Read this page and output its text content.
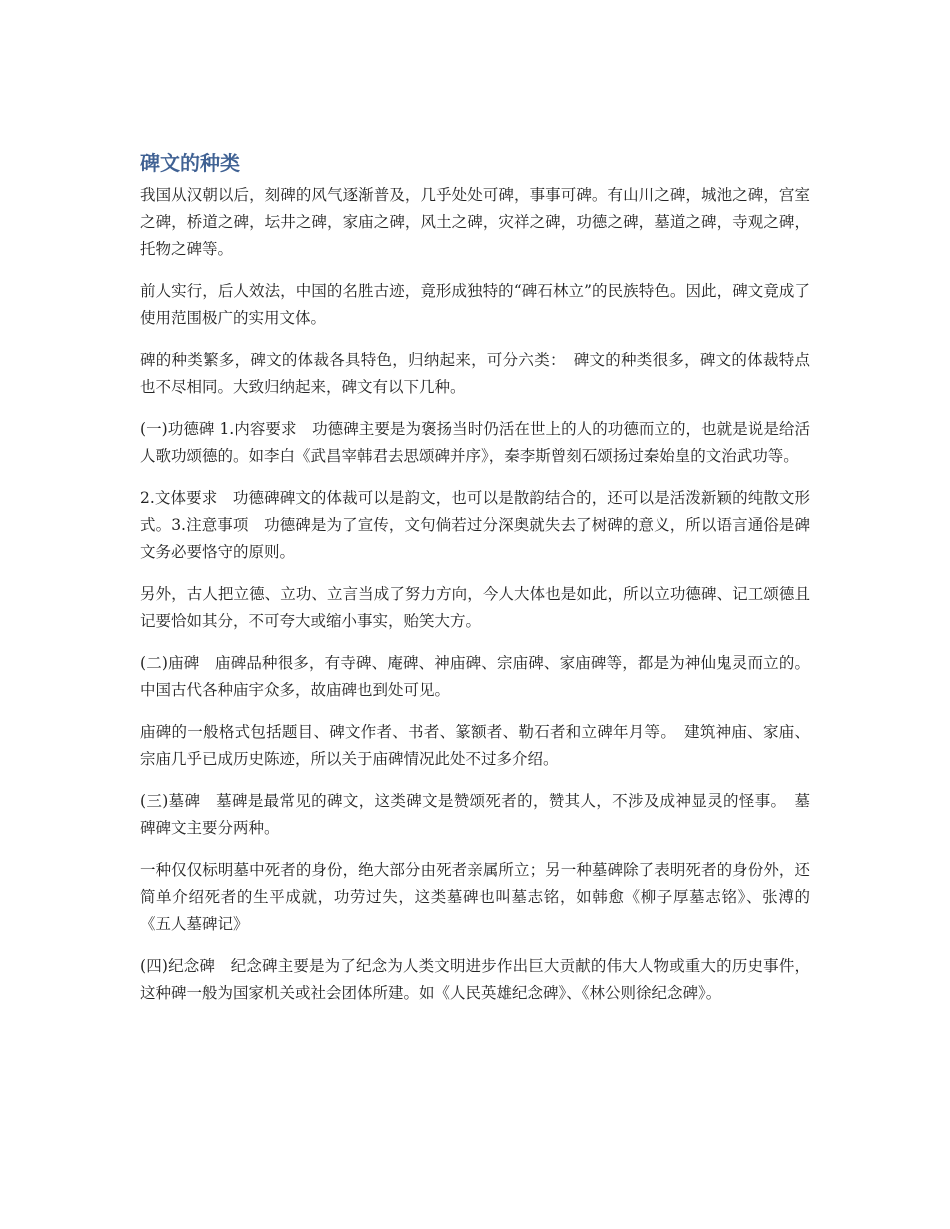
碑文的种类

我国从汉朝以后，刻碑的风气逐渐普及，几乎处处可碑，事事可碑。有山川之碑，城池之碑，宫室之碑，桥道之碑，坛井之碑，家庙之碑，风土之碑，灾祥之碑，功德之碑，墓道之碑，寺观之碑，托物之碑等。

前人实行，后人效法，中国的名胜古迹，竟形成独特的“碑石林立”的民族特色。因此，碑文竟成了使用范围极广的实用文体。

碑的种类繁多，碑文的体裁各具特色，归纳起来，可分六类：　碑文的种类很多，碑文的体裁特点也不尽相同。大致归纳起来，碑文有以下几种。

(一)功德碑 1.内容要求　功德碑主要是为褒扬当时仍活在世上的人的功德而立的，也就是说是给活人歌功颂德的。如李白《武昌宰韩君去思颂碑并序》，秦李斯曾刻石颂扬过秦始皇的文治武功等。

2.文体要求　功德碑碑文的体裁可以是韵文，也可以是散韵结合的，还可以是活泼新颖的纯散文形式。3.注意事项　功德碑是为了宣传，文句倘若过分深奥就失去了树碑的意义，所以语言通俗是碑文务必要恪守的原则。

另外，古人把立德、立功、立言当成了努力方向，今人大体也是如此，所以立功德碑、记工颂德且记要恰如其分，不可夸大或缩小事实，贻笑大方。

(二)庙碑　庙碑品种很多，有寺碑、庵碑、神庙碑、宗庙碑、家庙碑等，都是为神仙鬼灵而立的。中国古代各种庙宇众多，故庙碑也到处可见。

庙碑的一般格式包括题目、碑文作者、书者、篆额者、勒石者和立碑年月等。　建筑神庙、家庙、宗庙几乎已成历史陈迹，所以关于庙碑情况此处不过多介绍。

(三)墓碑　墓碑是最常见的碑文，这类碑文是赞颂死者的，赞其人，不涉及成神显灵的怪事。　墓碑碑文主要分两种。

一种仅仅标明墓中死者的身份，绝大部分由死者亲属所立；另一种墓碑除了表明死者的身份外，还简单介绍死者的生平成就，功劳过失，这类墓碑也叫墓志铭，如韩愈《柳子厚墓志铭》、张溥的《五人墓碑记》

(四)纪念碑　纪念碑主要是为了纪念为人类文明进步作出巨大贡献的伟大人物或重大的历史事件，这种碑一般为国家机关或社会团体所建。如《人民英雄纪念碑》、《林公则徐纪念碑》。
